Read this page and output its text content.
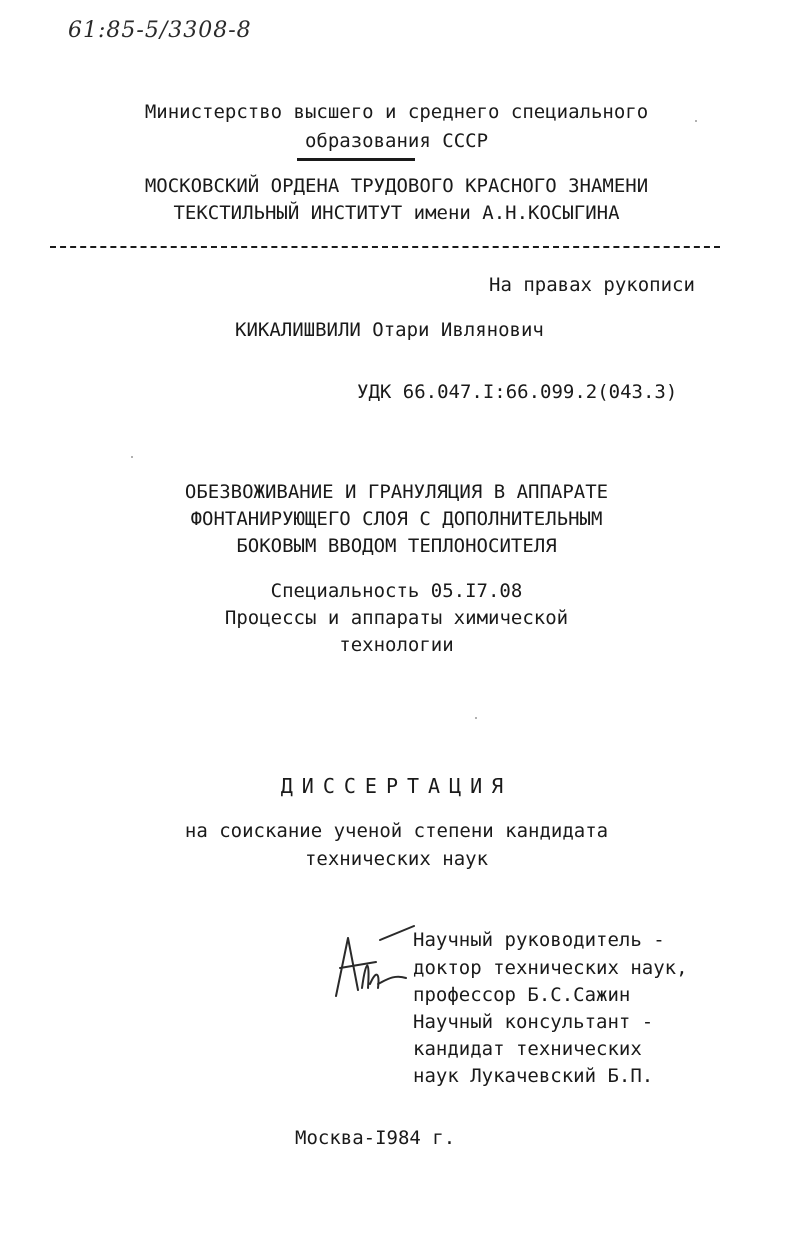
61:85-5/3308-8
Министерство высшего и среднего специального
образования СССР
МОСКОВСКИЙ ОРДЕНА ТРУДОВОГО КРАСНОГО ЗНАМЕНИ
ТЕКСТИЛЬНЫЙ ИНСТИТУТ имени А.Н.КОСЫГИНА
На правах рукописи
КИКАЛИШВИЛИ Отари Ивлянович
УДК 66.047.I:66.099.2(043.3)
ОБЕЗВОЖИВАНИЕ И ГРАНУЛЯЦИЯ В АППАРАТЕ
ФОНТАНИРУЮЩЕГО СЛОЯ С ДОПОЛНИТЕЛЬНЫМ
БОКОВЫМ ВВОДОМ ТЕПЛОНОСИТЕЛЯ
Специальность 05.I7.08
Процессы и аппараты химической
технологии
ДИССЕРТАЦИЯ
на соискание ученой степени кандидата
технических наук
Научный руководитель -
доктор технических наук,
профессор Б.С.Сажин
Научный консультант -
кандидат технических
наук Лукачевский Б.П.
Москва-I984 г.
